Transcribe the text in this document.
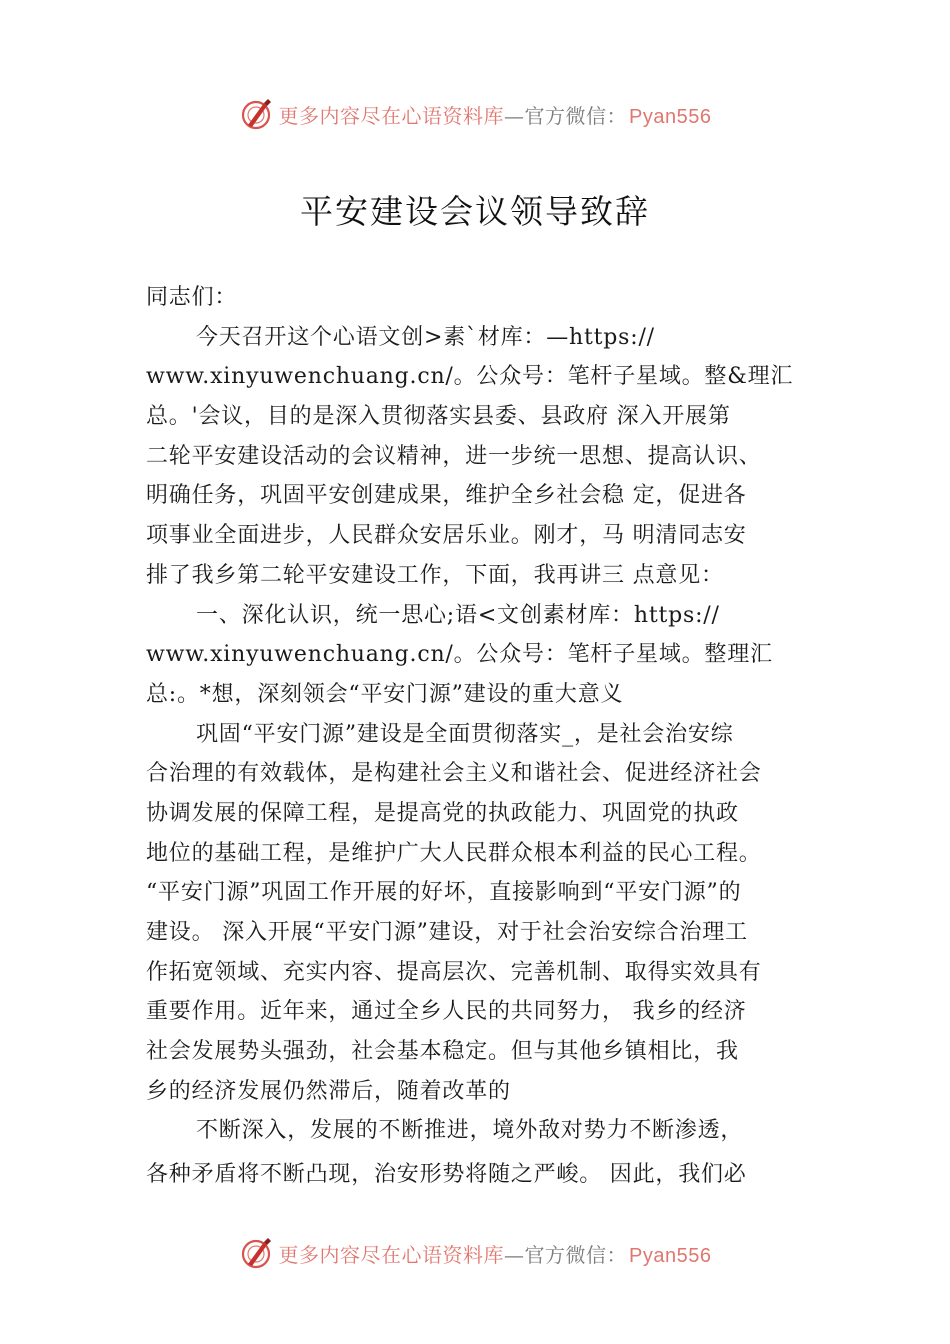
更多内容尽在心语资料库—官方微信： Pyan556
平安建设会议领导致辞
同志们：
今天召开这个心语文创>素`材库：—https://
www.xinyuwenchuang.cn/。公众号：笔杆子星域。整&理汇
总。'会议，目的是深入贯彻落实县委、县政府 深入开展第
二轮平安建设活动的会议精神，进一步统一思想、提高认识、
明确任务，巩固平安创建成果，维护全乡社会稳 定，促进各
项事业全面进步，人民群众安居乐业。刚才，马 明清同志安
排了我乡第二轮平安建设工作，下面，我再讲三 点意见：
一、深化认识，统一思心;语<文创素材库：https://
www.xinyuwenchuang.cn/。公众号：笔杆子星域。整理汇
总:。*想，深刻领会“平安门源”建设的重大意义
巩固“平安门源”建设是全面贯彻落实_，是社会治安综
合治理的有效载体，是构建社会主义和谐社会、促进经济社会
协调发展的保障工程，是提高党的执政能力、巩固党的执政
地位的基础工程，是维护广大人民群众根本利益的民心工程。
“平安门源”巩固工作开展的好坏，直接影响到“平安门源”的
建设。 深入开展“平安门源”建设，对于社会治安综合治理工
作拓宽领域、充实内容、提高层次、完善机制、取得实效具有
重要作用。近年来，通过全乡人民的共同努力， 我乡的经济
社会发展势头强劲，社会基本稳定。但与其他乡镇相比，我
乡的经济发展仍然滞后，随着改革的
不断深入，发展的不断推进，境外敌对势力不断渗透，
各种矛盾将不断凸现，治安形势将随之严峻。 因此，我们必
更多内容尽在心语资料库—官方微信： Pyan556
